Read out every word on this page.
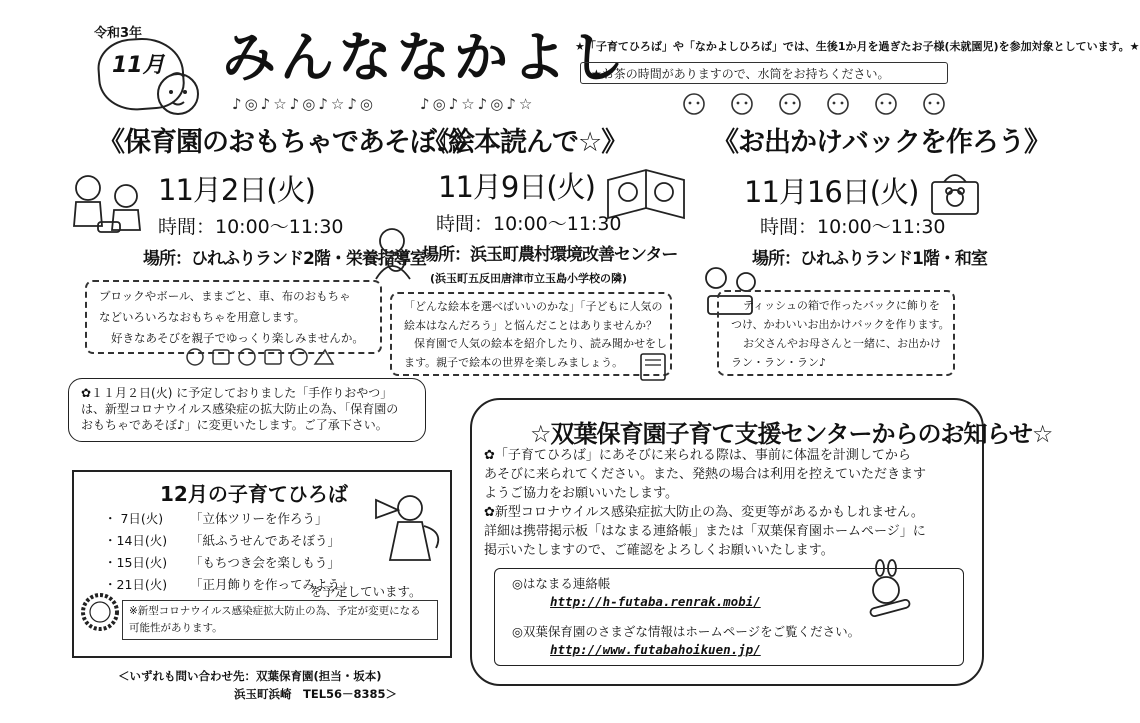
令和3年
11月 みんななかよし
★「子育てひろば」や「なかよしひろば」では、生後1か月を過ぎたお子様(未就園児)を参加対象としています。★
★お茶の時間がありますので、水筒をお持ちください。
♪◎♪☆♪◎♪☆♪◎	♪◎♪☆♪◎♪☆
《保育園のおもちゃであそぼ♪》
11月2日(火)
時間：10:00～11:30
場所：ひれふりランド2階・栄養指導室

ブロックやボール、ままごと、車、布のおもちゃ

などいろいろなおもちゃを用意します。

好きなあそびを親子でゆっくり楽しみませんか。

《絵本読んで☆》
11月9日(火)
時間：10:00～11:30
場所：浜玉町農村環境改善センター
(浜玉町五反田唐津市立玉島小学校の隣)

「どんな絵本を選べばいいのかな」「子どもに人気の

絵本はなんだろう」と悩んだことはありませんか？

保育園で人気の絵本を紹介したり、読み聞かせをし

ます。親子で絵本の世界を楽しみましょう。

《お出かけバックを作ろう》
11月16日(火)
時間：10:00～11:30
場所：ひれふりランド1階・和室

ティッシュの箱で作ったバックに飾りを

つけ、かわいいお出かけバックを作ります。

お父さんやお母さんと一緒に、お出かけ

ラン・ラン・ラン♪

✿１１月２日(火) に予定しておりました「手作りおやつ」

は、新型コロナウイルス感染症の拡大防止の為、「保育園の

おもちゃであそぼ♪」に変更いたします。ご了承下さい。

12月の子育てひろば
・ 7日(火) 「立体ツリーを作ろう」
・14日(火) 「紙ふうせんであそぼう」
・15日(火) 「もちつき会を楽しもう」
・21日(火) 「正月飾りを作ってみよう」
を予定しています。

※新型コロナウイルス感染症拡大防止の為、予定が変更になる

可能性があります。

☆双葉保育園子育て支援センターからのお知らせ☆

✿「子育てひろば」にあそびに来られる際は、事前に体温を計測してから

あそびに来られてください。また、発熱の場合は利用を控えていただきます

ようご協力をお願いいたします。

✿新型コロナウイルス感染症拡大防止の為、変更等があるかもしれません。

詳細は携帯掲示板「はなまる連絡帳」または「双葉保育園ホームページ」に

掲示いたしますので、ご確認をよろしくお願いいたします。

◎はなまる連絡帳
http://h-futaba.renrak.mobi/
◎双葉保育園のさまざな情報はホームページをご覧ください。
http://www.futabahoikuen.jp/
＜いずれも問い合わせ先：双葉保育園(担当・坂本)
浜玉町浜崎　TEL56－8385＞
